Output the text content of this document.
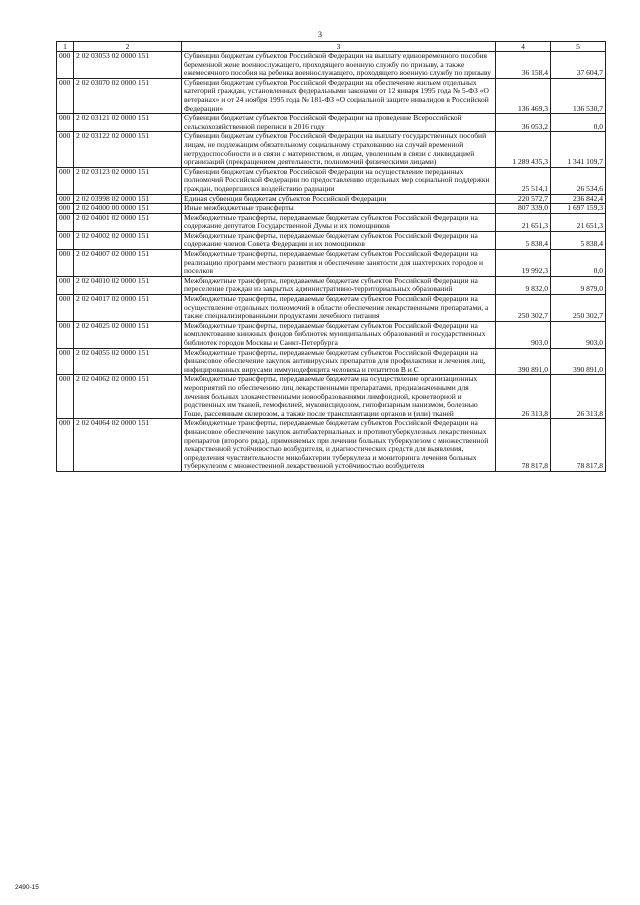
3
1	2	3	4	5
000	2 02 03053 02 0000 151	Субвенции бюджетам субъектов Российской Федерации на выплату единовременного пособия беременной жене военнослужащего, проходящего военную службу по призыву, а также ежемесячного пособия на ребенка военнослужащего, проходящего военную службу по призыву	36 158,4	37 604,7
000	2 02 03070 02 0000 151	Субвенции бюджетам субъектов Российской Федерации на обеспечение жильем отдельных категорий граждан, установленных федеральными законами от 12 января 1995 года № 5-ФЗ «О ветеранах» и от 24 ноября 1995 года № 181-ФЗ «О социальной защите инвалидов в Российской Федерации»	136 469,3	136 530,7
000	2 02 03121 02 0000 151	Субвенции бюджетам субъектов Российской Федерации на проведение Всероссийской сельскохозяйственной переписи в 2016 году	36 053,2	0,0
000	2 02 03122 02 0000 151	Субвенции бюджетам субъектов Российской Федерации на выплату государственных пособий лицам, не подлежащим обязательному социальному страхованию на случай временной нетрудоспособности и в связи с материнством, и лицам, уволенным в связи с ликвидацией организаций (прекращением деятельности, полномочий физическими лицами)	1 289 435,3	1 341 109,7
000	2 02 03123 02 0000 151	Субвенции бюджетам субъектов Российской Федерации на осуществление переданных полномочий Российской Федерации по предоставлению отдельных мер социальной поддержки граждан, подвергшихся воздействию радиации	25 514,1	26 534,6
000	2 02 03998 02 0000 151	Единая субвенция бюджетам субъектов Российской Федерации	220 572,7	236 842,4
000	2 02 04000 00 0000 151	Иные межбюджетные трансферты	807 339,0	1 697 159,3
000	2 02 04001 02 0000 151	Межбюджетные трансферты, передаваемые бюджетам субъектов Российской Федерации на содержание депутатов Государственной Думы и их помощников	21 651,3	21 651,3
000	2 02 04002 02 0000 151	Межбюджетные трансферты, передаваемые бюджетам субъектов Российской Федерации на содержание членов Совета Федерации и их помощников	5 838,4	5 838,4
000	2 02 04007 02 0000 151	Межбюджетные трансферты, передаваемые бюджетам субъектов Российской Федерации на реализацию программ местного развития и обеспечение занятости для шахтерских городов и поселков	19 992,3	0,0
000	2 02 04010 02 0000 151	Межбюджетные трансферты, передаваемые бюджетам субъектов Российской Федерации на переселение граждан из закрытых административно-территориальных образований	9 832,0	9 879,0
000	2 02 04017 02 0000 151	Межбюджетные трансферты, передаваемые бюджетам субъектов Российской Федерации на осуществление отдельных полномочий в области обеспечения лекарственными препаратами, а также специализированными продуктами лечебного питания	250 302,7	250 302,7
000	2 02 04025 02 0000 151	Межбюджетные трансферты, передаваемые бюджетам субъектов Российской Федерации на комплектование книжных фондов библиотек муниципальных образований и государственных библиотек городов Москвы и Санкт-Петербурга	903,0	903,0
000	2 02 04055 02 0000 151	Межбюджетные трансферты, передаваемые бюджетам субъектов Российской Федерации на финансовое обеспечение закупок антивирусных препаратов для профилактики и лечения лиц, инфицированных вирусами иммунодефицита человека и гепатитов B и C	390 891,0	390 891,0
000	2 02 04062 02 0000 151	Межбюджетные трансферты, передаваемые бюджетам на осуществление организационных мероприятий по обеспечению лиц лекарственными препаратами, предназначенными для лечения больных злокачественными новообразованиями лимфоидной, кроветворной и родственных им тканей, гемофилией, муковисцидозом, гипофизарным нанизмом, болезнью Гоше, рассеянным склерозом, а также после трансплантации органов и (или) тканей	26 313,8	26 313,8
000	2 02 04064 02 0000 151	Межбюджетные трансферты, передаваемые бюджетам субъектов Российской Федерации на финансовое обеспечение закупок антибактериальных и противотуберкулезных лекарственных препаратов (второго ряда), применяемых при лечении больных туберкулезом с множественной лекарственной устойчивостью возбудителя, и диагностических средств для выявления, определения чувствительности микобактерии туберкулеза и мониторинга лечения больных туберкулезом с множественной лекарственной устойчивостью возбудителя	78 817,8	78 817,8
2490-15
